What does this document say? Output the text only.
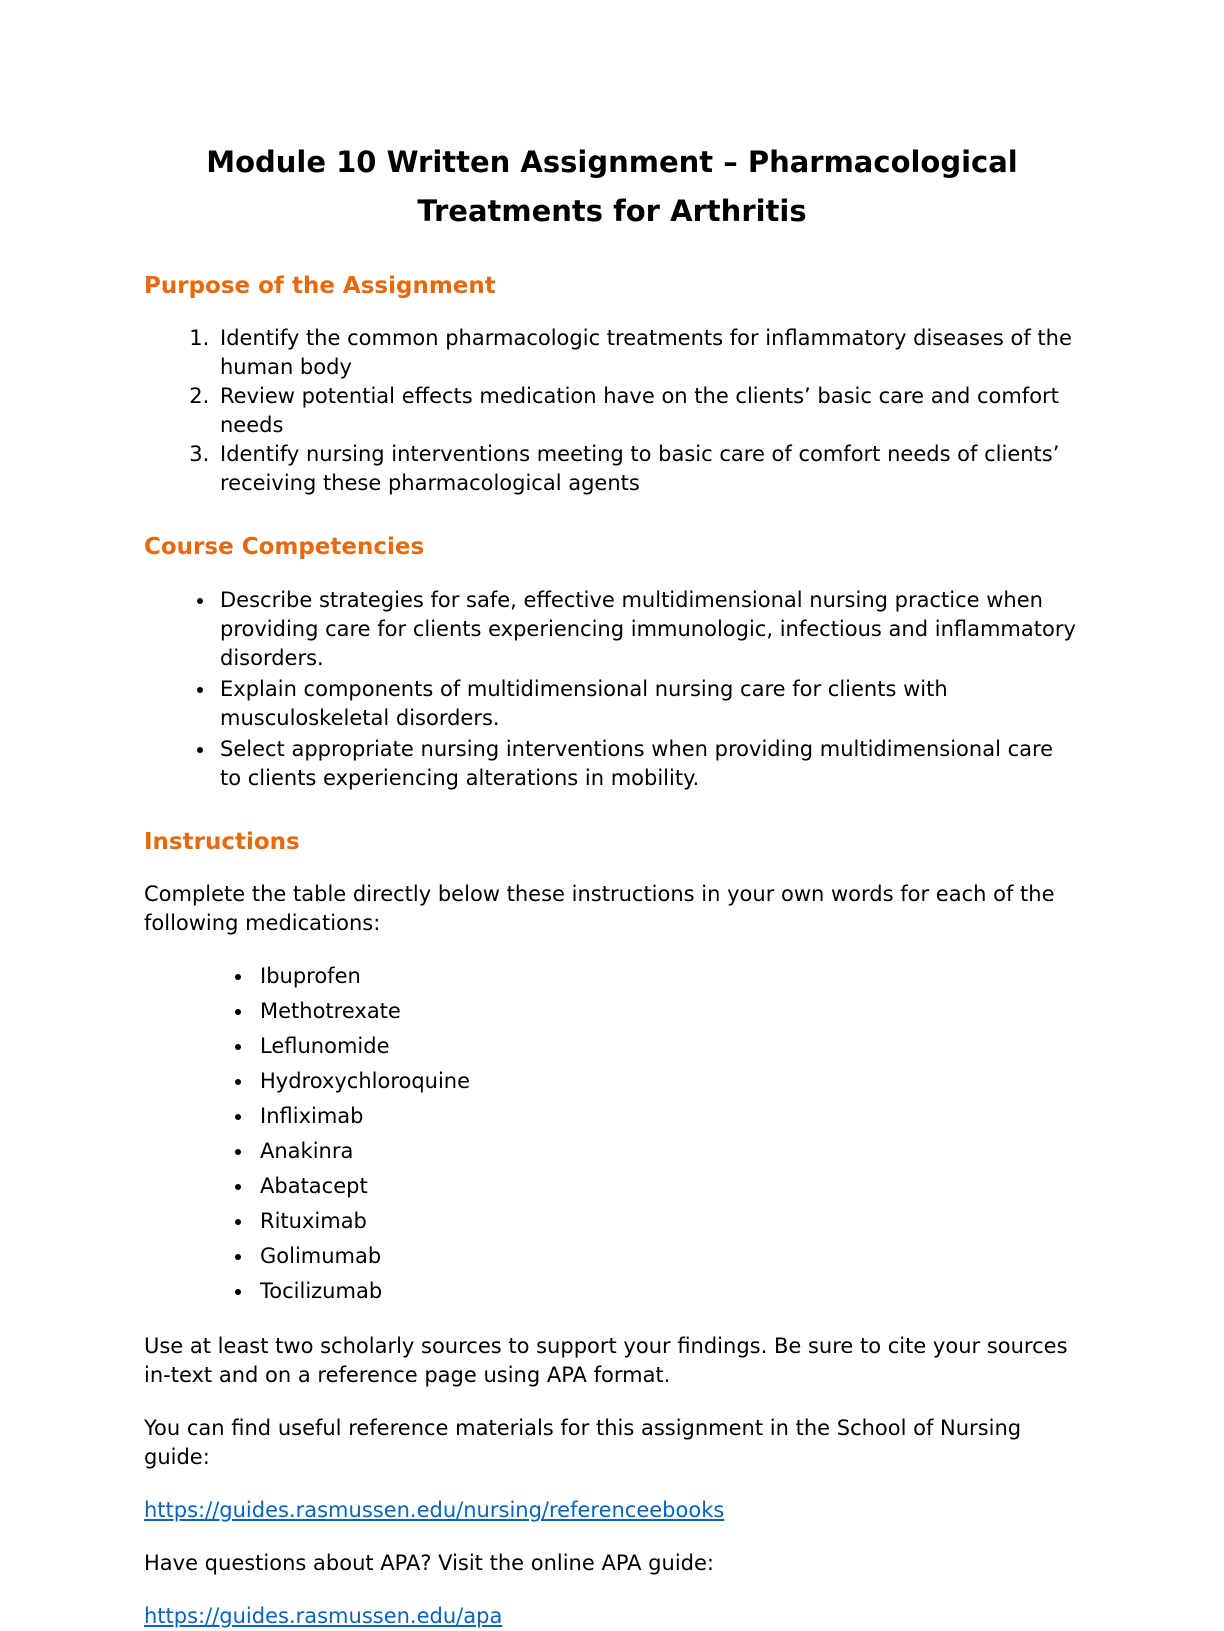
Module 10 Written Assignment – Pharmacological Treatments for Arthritis
Purpose of the Assignment
1. Identify the common pharmacologic treatments for inflammatory diseases of the human body
2. Review potential effects medication have on the clients’ basic care and comfort needs
3. Identify nursing interventions meeting to basic care of comfort needs of clients’ receiving these pharmacological agents
Course Competencies
• Describe strategies for safe, effective multidimensional nursing practice when providing care for clients experiencing immunologic, infectious and inflammatory disorders.
• Explain components of multidimensional nursing care for clients with musculoskeletal disorders.
• Select appropriate nursing interventions when providing multidimensional care to clients experiencing alterations in mobility.
Instructions

Complete the table directly below these instructions in your own words for each of the following medications:

• Ibuprofen
• Methotrexate
• Leflunomide
• Hydroxychloroquine
• Infliximab
• Anakinra
• Abatacept
• Rituximab
• Golimumab
• Tocilizumab

Use at least two scholarly sources to support your findings. Be sure to cite your sources in-text and on a reference page using APA format.

You can find useful reference materials for this assignment in the School of Nursing guide:

https://guides.rasmussen.edu/nursing/referenceebooks

Have questions about APA? Visit the online APA guide:

https://guides.rasmussen.edu/apa
